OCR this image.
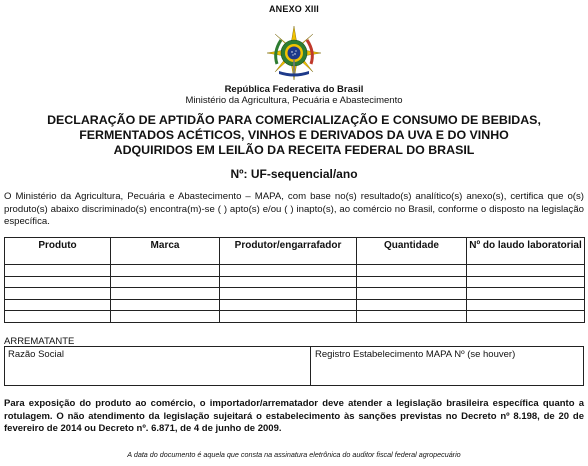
ANEXO XIII
República Federativa do Brasil
Ministério da Agricultura, Pecuária e Abastecimento
DECLARAÇÃO DE APTIDÃO PARA COMERCIALIZAÇÃO E CONSUMO DE BEBIDAS,
FERMENTADOS ACÉTICOS, VINHOS E DERIVADOS DA UVA E DO VINHO
ADQUIRIDOS EM LEILÃO DA RECEITA FEDERAL DO BRASIL
Nº: UF-sequencial/ano
O Ministério da Agricultura, Pecuária e Abastecimento – MAPA, com base no(s) resultado(s) analítico(s) anexo(s), certifica que o(s) produto(s) abaixo discriminado(s) encontra(m)-se ( ) apto(s) e/ou ( ) inapto(s), ao comércio no Brasil, conforme o disposto na legislação específica.
Produto	Marca	Produtor/engarrafador	Quantidade	Nº do laudo laboratorial

ARREMATANTE
Razão Social	Registro Estabelecimento MAPA Nº (se houver)
Para exposição do produto ao comércio, o importador/arrematador deve atender a legislação brasileira específica quanto a rotulagem. O não atendimento da legislação sujeitará o estabelecimento às sanções previstas no Decreto nº 8.198, de 20 de fevereiro de 2014 ou Decreto nº. 6.871, de 4 de junho de 2009.
A data do documento é aquela que consta na assinatura eletrônica do auditor fiscal federal agropecuário
